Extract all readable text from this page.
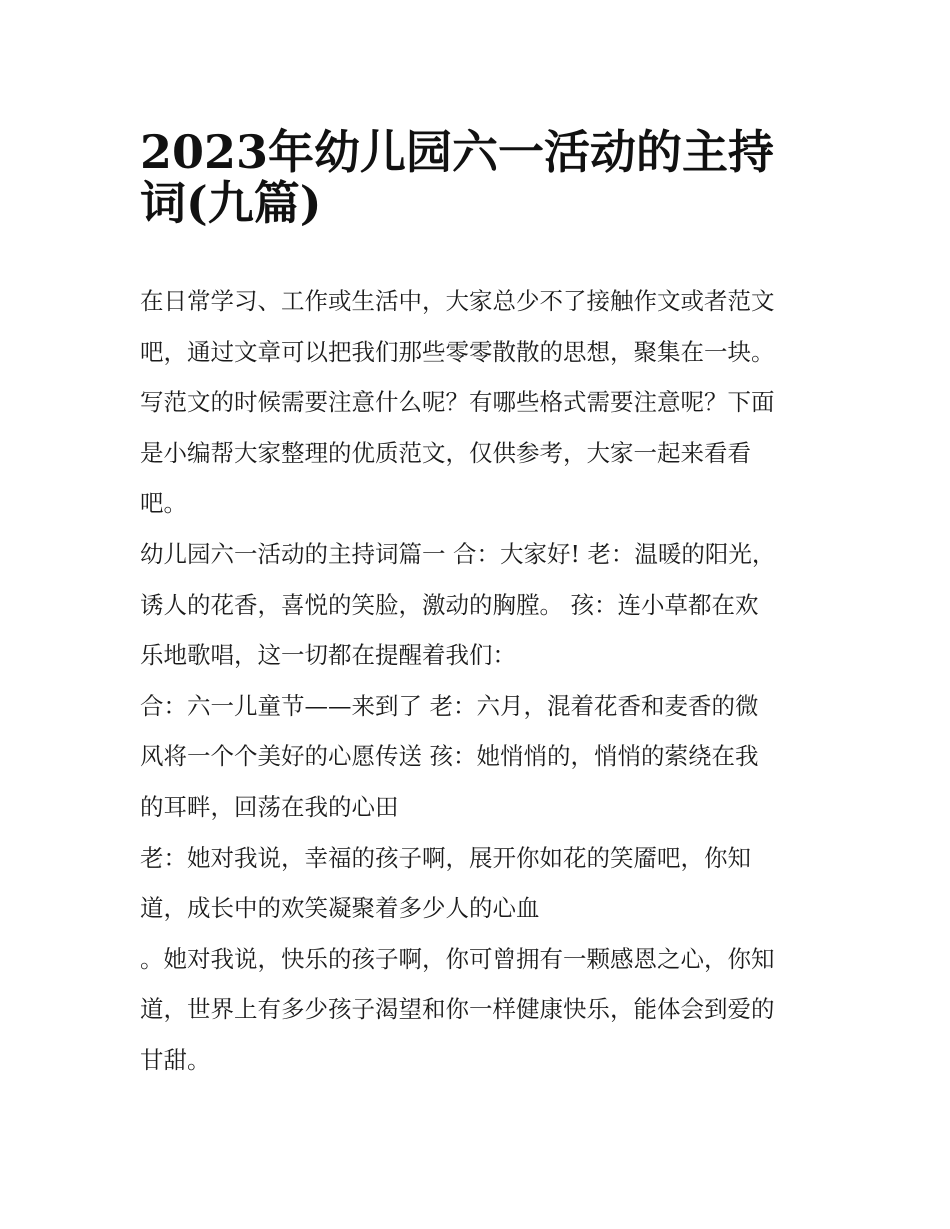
2023年幼儿园六一活动的主持
词(九篇)
在日常学习、工作或生活中，大家总少不了接触作文或者范文
吧，通过文章可以把我们那些零零散散的思想，聚集在一块。
写范文的时候需要注意什么呢？有哪些格式需要注意呢？下面
是小编帮大家整理的优质范文，仅供参考，大家一起来看看
吧。
幼儿园六一活动的主持词篇一 合：大家好! 老：温暖的阳光，
诱人的花香，喜悦的笑脸，激动的胸膛。 孩：连小草都在欢
乐地歌唱，这一切都在提醒着我们：
合：六一儿童节——来到了 老：六月，混着花香和麦香的微
风将一个个美好的心愿传送 孩：她悄悄的，悄悄的萦绕在我
的耳畔，回荡在我的心田
老：她对我说，幸福的孩子啊，展开你如花的笑靥吧，你知
道，成长中的欢笑凝聚着多少人的心血
。她对我说，快乐的孩子啊，你可曾拥有一颗感恩之心，你知
道，世界上有多少孩子渴望和你一样健康快乐，能体会到爱的
甘甜。
